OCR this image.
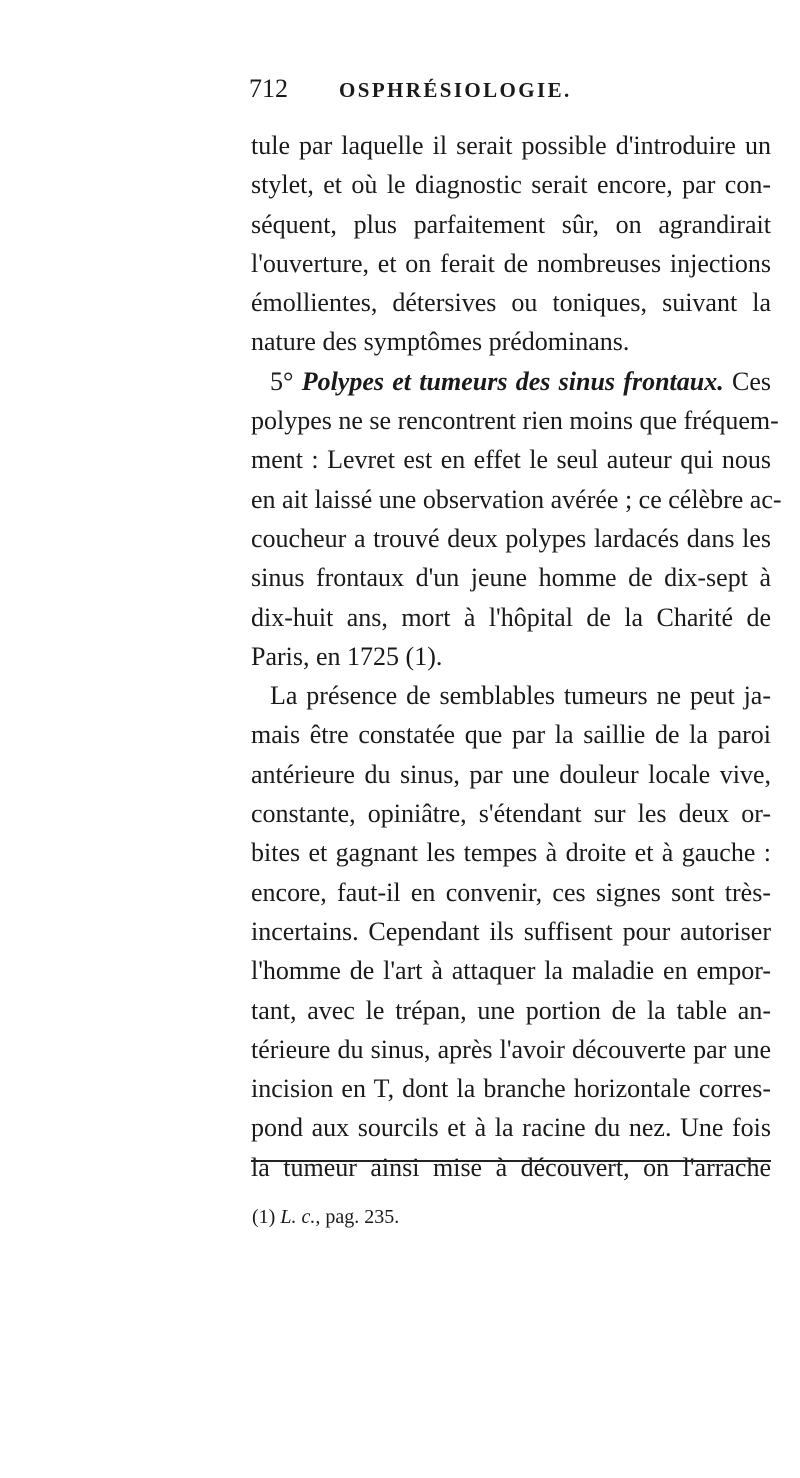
712 OSPHRÉSIOLOGIE.
tule par laquelle il serait possible d'introduire un
stylet, et où le diagnostic serait encore, par con-
séquent, plus parfaitement sûr, on agrandirait
l'ouverture, et on ferait de nombreuses injections
émollientes, détersives ou toniques, suivant la
nature des symptômes prédominans.
5° Polypes et tumeurs des sinus frontaux. Ces
polypes ne se rencontrent rien moins que fréquem-
ment : Levret est en effet le seul auteur qui nous
en ait laissé une observation avérée ; ce célèbre ac-
coucheur a trouvé deux polypes lardacés dans les
sinus frontaux d'un jeune homme de dix-sept à
dix-huit ans, mort à l'hôpital de la Charité de
Paris, en 1725 (1).
La présence de semblables tumeurs ne peut ja-
mais être constatée que par la saillie de la paroi
antérieure du sinus, par une douleur locale vive,
constante, opiniâtre, s'étendant sur les deux or-
bites et gagnant les tempes à droite et à gauche :
encore, faut-il en convenir, ces signes sont très-
incertains. Cependant ils suffisent pour autoriser
l'homme de l'art à attaquer la maladie en empor-
tant, avec le trépan, une portion de la table an-
térieure du sinus, après l'avoir découverte par une
incision en T, dont la branche horizontale corres-
pond aux sourcils et à la racine du nez. Une fois
la tumeur ainsi mise à découvert, on l'arrache
(1) L. c., pag. 235.
